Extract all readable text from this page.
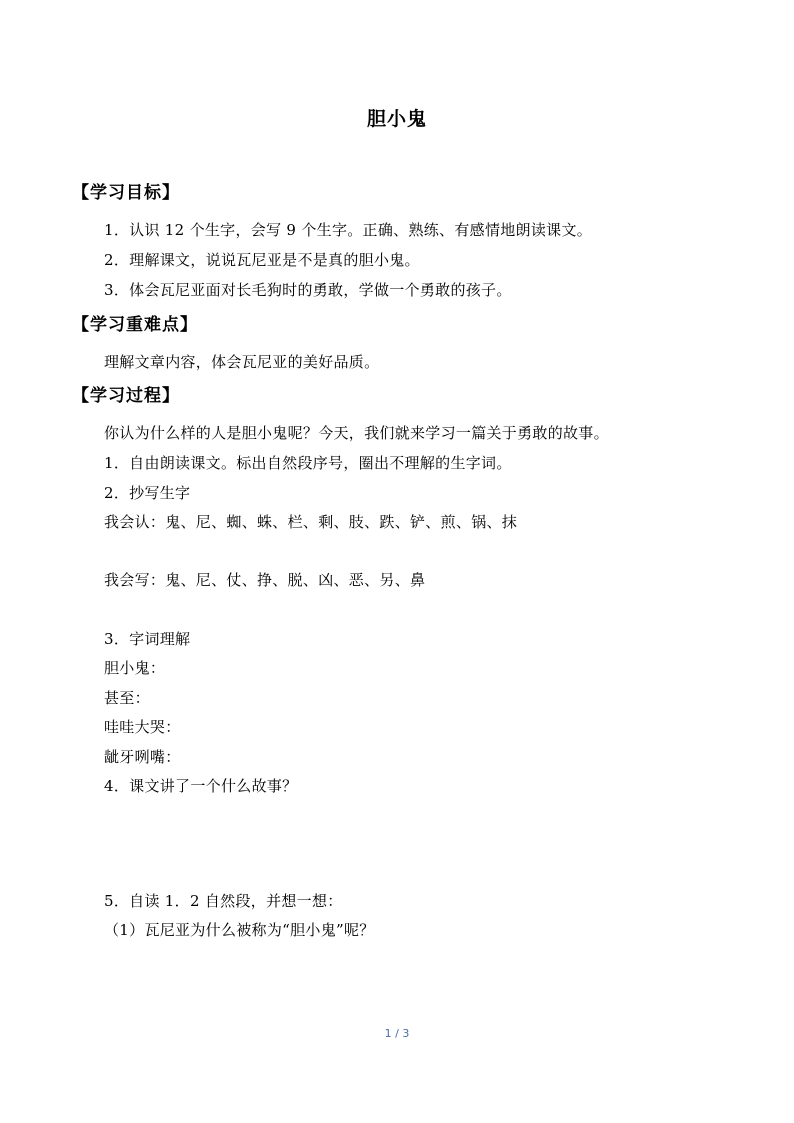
胆小鬼
【学习目标】
1．认识 12 个生字，会写 9 个生字。正确、熟练、有感情地朗读课文。
2．理解课文，说说瓦尼亚是不是真的胆小鬼。
3．体会瓦尼亚面对长毛狗时的勇敢，学做一个勇敢的孩子。
【学习重难点】
理解文章内容，体会瓦尼亚的美好品质。
【学习过程】
你认为什么样的人是胆小鬼呢？今天，我们就来学习一篇关于勇敢的故事。
1．自由朗读课文。标出自然段序号，圈出不理解的生字词。
2．抄写生字
我会认：鬼、尼、蜘、蛛、栏、剩、肢、跌、铲、煎、锅、抹
我会写：鬼、尼、仗、挣、脱、凶、恶、另、鼻
3．字词理解
胆小鬼：
甚至：
哇哇大哭：
龇牙咧嘴：
4．课文讲了一个什么故事？
5．自读 1．2 自然段，并想一想：
（1）瓦尼亚为什么被称为“胆小鬼”呢？
1 / 3
